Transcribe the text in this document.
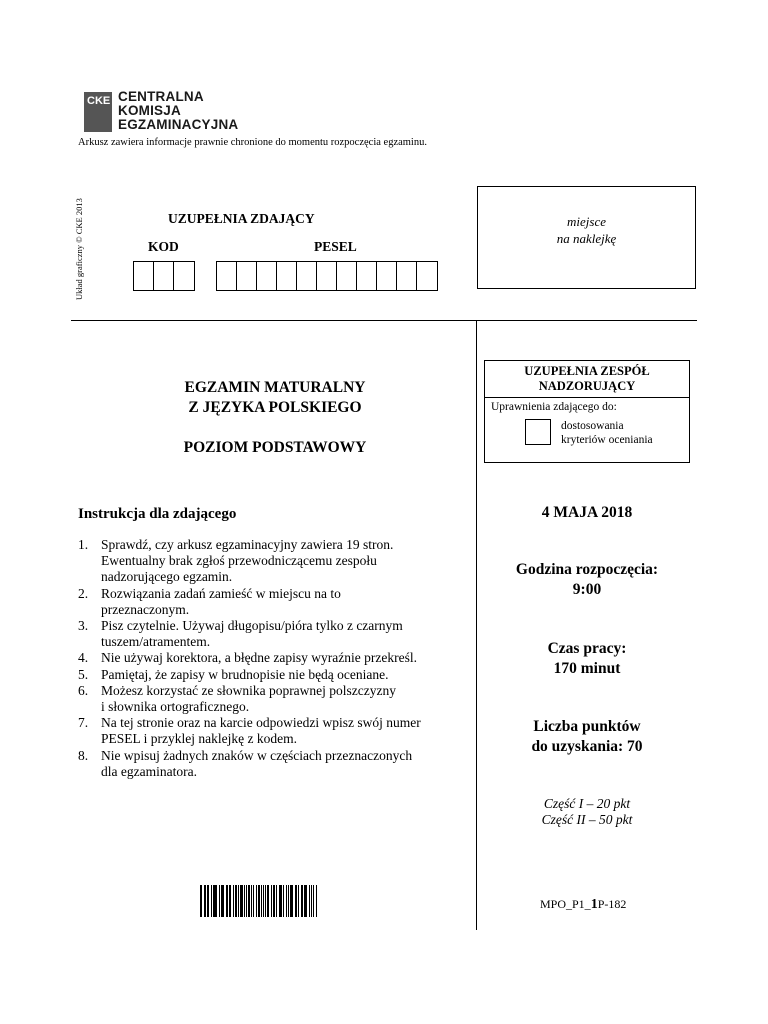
CKE CENTRALNA
KOMISJA
EGZAMINACYJNA
Arkusz zawiera informacje prawnie chronione do momentu rozpoczęcia egzaminu.
Układ graficzny © CKE 2013	UZUPEŁNIA ZDAJĄCY
KOD	PESEL
miejsce
na naklejkę
EGZAMIN MATURALNY
Z JĘZYKA POLSKIEGO
POZIOM PODSTAWOWY
UZUPEŁNIA ZESPÓŁ
NADZORUJĄCY
Uprawnienia zdającego do:
dostosowania
kryteriów oceniania
Instrukcja dla zdającego
1. Sprawdź, czy arkusz egzaminacyjny zawiera 19 stron.
Ewentualny brak zgłoś przewodniczącemu zespołu
nadzorującego egzamin.
2. Rozwiązania zadań zamieść w miejscu na to
przeznaczonym.
3. Pisz czytelnie. Używaj długopisu/pióra tylko z czarnym
tuszem/atramentem.
4. Nie używaj korektora, a błędne zapisy wyraźnie przekreśl.
5. Pamiętaj, że zapisy w brudnopisie nie będą oceniane.
6. Możesz korzystać ze słownika poprawnej polszczyzny
i słownika ortograficznego.
7. Na tej stronie oraz na karcie odpowiedzi wpisz swój numer
PESEL i przyklej naklejkę z kodem.
8. Nie wpisuj żadnych znaków w częściach przeznaczonych
dla egzaminatora.
4 MAJA 2018
Godzina rozpoczęcia:
9:00
Czas pracy:
170 minut
Liczba punktów
do uzyskania: 70
Część I – 20 pkt
Część II – 50 pkt
MPO_P1_1P-182
